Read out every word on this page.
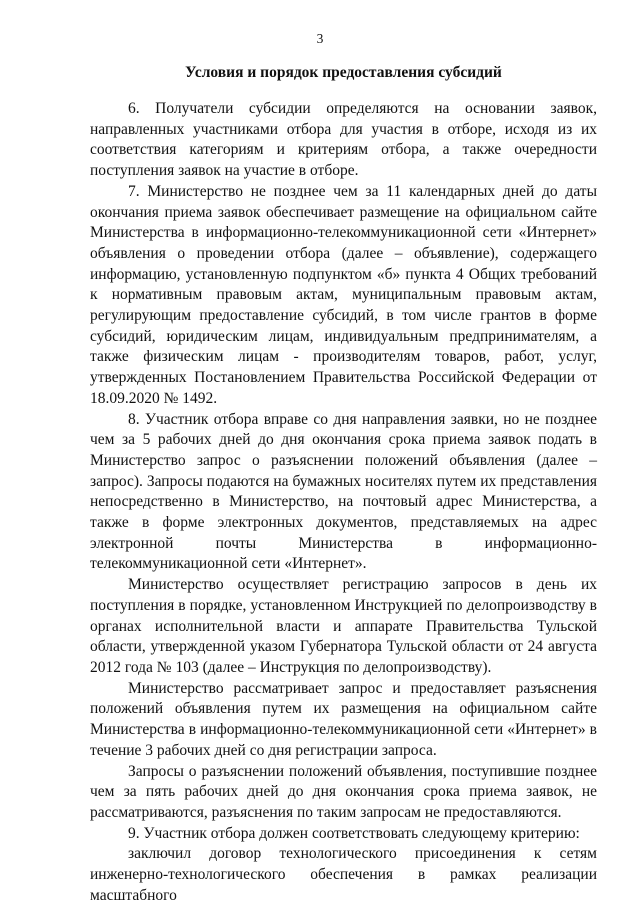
3
Условия и порядок предоставления субсидий

6. Получатели субсидии определяются на основании заявок, направленных участниками отбора для участия в отборе, исходя из их соответствия категориям и критериям отбора, а также очередности поступления заявок на участие в отборе.

7. Министерство не позднее чем за 11 календарных дней до даты окончания приема заявок обеспечивает размещение на официальном сайте Министерства в информационно-телекоммуникационной сети «Интернет» объявления о проведении отбора (далее – объявление), содержащего информацию, установленную подпунктом «б» пункта 4 Общих требований к нормативным правовым актам, муниципальным правовым актам, регулирующим предоставление субсидий, в том числе грантов в форме субсидий, юридическим лицам, индивидуальным предпринимателям, а также физическим лицам - производителям товаров, работ, услуг, утвержденных Постановлением Правительства Российской Федерации от 18.09.2020 № 1492.

8. Участник отбора вправе со дня направления заявки, но не позднее чем за 5 рабочих дней до дня окончания срока приема заявок подать в Министерство запрос о разъяснении положений объявления (далее – запрос). Запросы подаются на бумажных носителях путем их представления непосредственно в Министерство, на почтовый адрес Министерства, а также в форме электронных документов, представляемых на адрес электронной почты Министерства в информационно-телекоммуникационной сети «Интернет».

Министерство осуществляет регистрацию запросов в день их поступления в порядке, установленном Инструкцией по делопроизводству в органах исполнительной власти и аппарате Правительства Тульской области, утвержденной указом Губернатора Тульской области от 24 августа 2012 года № 103 (далее – Инструкция по делопроизводству).

Министерство рассматривает запрос и предоставляет разъяснения положений объявления путем их размещения на официальном сайте Министерства в информационно-телекоммуникационной сети «Интернет» в течение 3 рабочих дней со дня регистрации запроса.

Запросы о разъяснении положений объявления, поступившие позднее чем за пять рабочих дней до дня окончания срока приема заявок, не рассматриваются, разъяснения по таким запросам не предоставляются.

9. Участник отбора должен соответствовать следующему критерию:

заключил договор технологического присоединения к сетям инженерно-технологического обеспечения в рамках реализации масштабного
